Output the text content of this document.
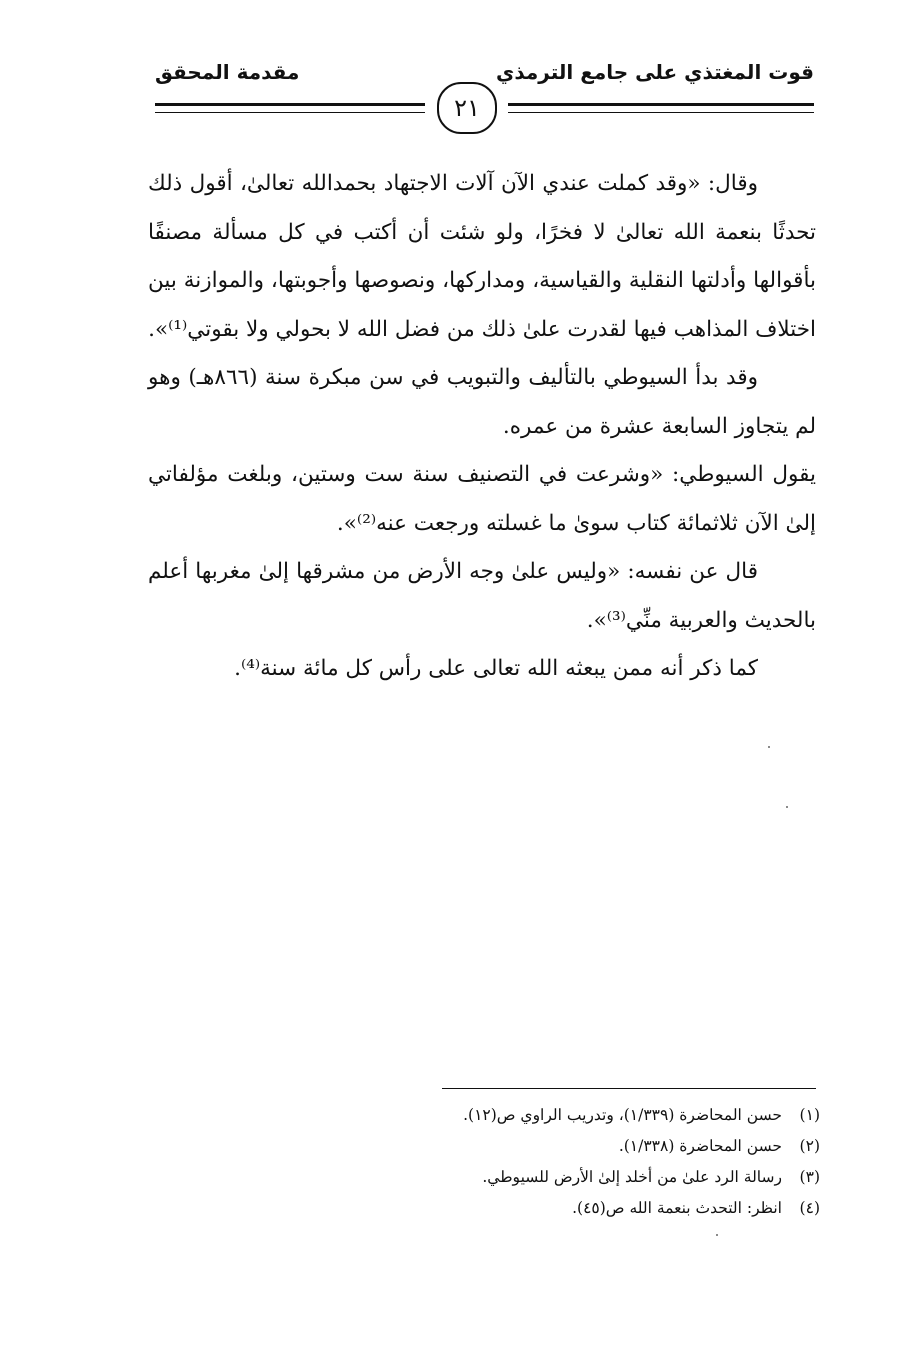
قوت المغتذي على جامع الترمذي
مقدمة المحقق
٢١

وقال: «وقد كملت عندي الآن آلات الاجتهاد بحمدالله تعالىٰ، أقول ذلك تحدثًا بنعمة الله تعالىٰ لا فخرًا، ولو شئت أن أكتب في كل مسألة مصنفًا بأقوالها وأدلتها النقلية والقياسية، ومداركها، ونصوصها وأجوبتها، والموازنة بين اختلاف المذاهب فيها لقدرت علىٰ ذلك من فضل الله لا بحولي ولا بقوتي⁽¹⁾».

وقد بدأ السيوطي بالتأليف والتبويب في سن مبكرة سنة (٨٦٦هـ) وهو لم يتجاوز السابعة عشرة من عمره.

يقول السيوطي: «وشرعت في التصنيف سنة ست وستين، وبلغت مؤلفاتي إلىٰ الآن ثلاثمائة كتاب سوىٰ ما غسلته ورجعت عنه⁽²⁾».

قال عن نفسه: «وليس علىٰ وجه الأرض من مشرقها إلىٰ مغربها أعلم بالحديث والعربية منِّي⁽³⁾».

كما ذكر أنه ممن يبعثه الله تعالى على رأس كل مائة سنة⁽⁴⁾.

(١)
حسن المحاضرة (١/٣٣٩)، وتدريب الراوي ص(١٢).
(٢)
حسن المحاضرة (١/٣٣٨).
(٣)
رسالة الرد علىٰ من أخلد إلىٰ الأرض للسيوطي.
(٤)
انظر: التحدث بنعمة الله ص(٤٥).
